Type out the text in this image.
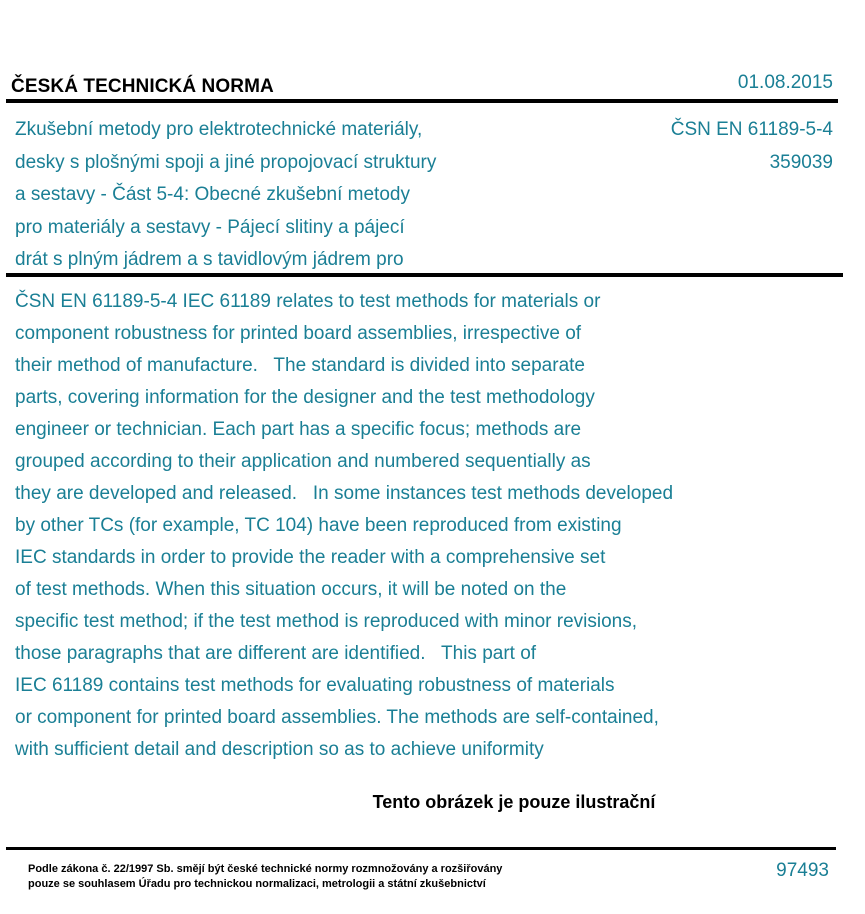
ČESKÁ TECHNICKÁ NORMA	01.08.2015
Zkušební metody pro elektrotechnické materiály,
desky s plošnými spoji a jiné propojovací struktury
a sestavy - Část 5-4: Obecné zkušební metody
pro materiály a sestavy - Pájecí slitiny a pájecí
drát s plným jádrem a s tavidlovým jádrem pro
ČSN EN 61189-5-4
359039
ČSN EN 61189-5-4 IEC 61189 relates to test methods for materials or
component robustness for printed board assemblies, irrespective of
their method of manufacture.   The standard is divided into separate
parts, covering information for the designer and the test methodology
engineer or technician. Each part has a specific focus; methods are
grouped according to their application and numbered sequentially as
they are developed and released.   In some instances test methods developed
by other TCs (for example, TC 104) have been reproduced from existing
IEC standards in order to provide the reader with a comprehensive set
of test methods. When this situation occurs, it will be noted on the
specific test method; if the test method is reproduced with minor revisions,
those paragraphs that are different are identified.   This part of
IEC 61189 contains test methods for evaluating robustness of materials
or component for printed board assemblies. The methods are self-contained,
with sufficient detail and description so as to achieve uniformity
Tento obrázek je pouze ilustrační
Podle zákona č. 22/1997 Sb. smějí být české technické normy rozmnožovány a rozšiřovány
pouze se souhlasem Úřadu pro technickou normalizaci, metrologii a státní zkušebnictví
97493
